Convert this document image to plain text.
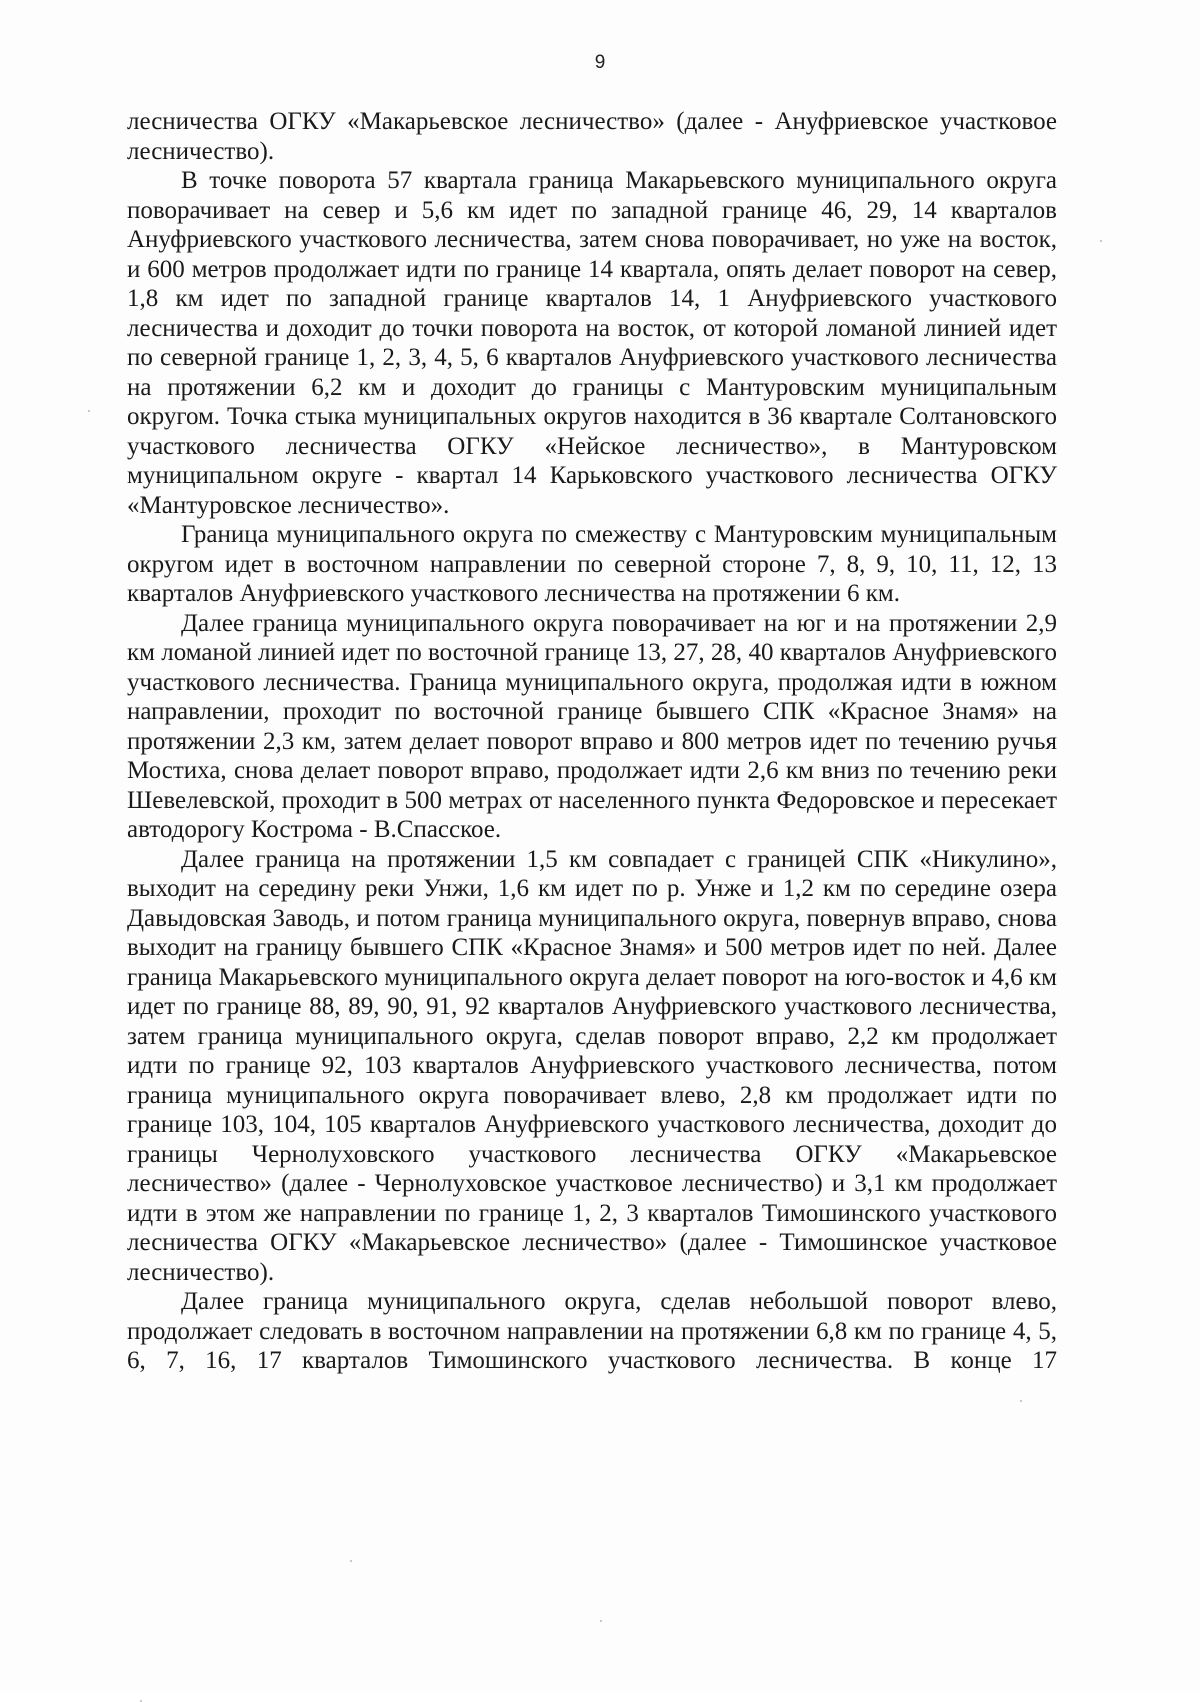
9

лесничества ОГКУ «Макарьевское лесничество» (далее - Ануфриевское участковое лесничество).

В точке поворота 57 квартала граница Макарьевского муниципального округа поворачивает на север и 5,6 км идет по западной границе 46, 29, 14 кварталов Ануфриевского участкового лесничества, затем снова поворачивает, но уже на восток, и 600 метров продолжает идти по границе 14 квартала, опять делает поворот на север, 1,8 км идет по западной границе кварталов 14, 1 Ануфриевского участкового лесничества и доходит до точки поворота на восток, от которой ломаной линией идет по северной границе 1, 2, 3, 4, 5, 6 кварталов Ануфриевского участкового лесничества на протяжении 6,2 км и доходит до границы с Мантуровским муниципальным округом. Точка стыка муниципальных округов находится в 36 квартале Солтановского участкового лесничества ОГКУ «Нейское лесничество», в Мантуровском муниципальном округе - квартал 14 Карьковского участкового лесничества ОГКУ «Мантуровское лесничество».

Граница муниципального округа по смежеству с Мантуровским муниципальным округом идет в восточном направлении по северной стороне 7, 8, 9, 10, 11, 12, 13 кварталов Ануфриевского участкового лесничества на протяжении 6 км.

Далее граница муниципального округа поворачивает на юг и на протяжении 2,9 км ломаной линией идет по восточной границе 13, 27, 28, 40 кварталов Ануфриевского участкового лесничества. Граница муниципального округа, продолжая идти в южном направлении, проходит по восточной границе бывшего СПК «Красное Знамя» на протяжении 2,3 км, затем делает поворот вправо и 800 метров идет по течению ручья Мостиха, снова делает поворот вправо, продолжает идти 2,6 км вниз по течению реки Шевелевской, проходит в 500 метрах от населенного пункта Федоровское и пересекает автодорогу Кострома - В.Спасское.

Далее граница на протяжении 1,5 км совпадает с границей СПК «Никулино», выходит на середину реки Унжи, 1,6 км идет по р. Унже и 1,2 км по середине озера Давыдовская Заводь, и потом граница муниципального округа, повернув вправо, снова выходит на границу бывшего СПК «Красное Знамя» и 500 метров идет по ней. Далее граница Макарьевского муниципального округа делает поворот на юго-восток и 4,6 км идет по границе 88, 89, 90, 91, 92 кварталов Ануфриевского участкового лесничества, затем граница муниципального округа, сделав поворот вправо, 2,2 км продолжает идти по границе 92, 103 кварталов Ануфриевского участкового лесничества, потом граница муниципального округа поворачивает влево, 2,8 км продолжает идти по границе 103, 104, 105 кварталов Ануфриевского участкового лесничества, доходит до границы Чернолуховского участкового лесничества ОГКУ «Макарьевское лесничество» (далее - Чернолуховское участковое лесничество) и 3,1 км продолжает идти в этом же направлении по границе 1, 2, 3 кварталов Тимошинского участкового лесничества ОГКУ «Макарьевское лесничество» (далее - Тимошинское участковое лесничество).

Далее граница муниципального округа, сделав небольшой поворот влево, продолжает следовать в восточном направлении на протяжении 6,8 км по границе 4, 5, 6, 7, 16, 17 кварталов Тимошинского участкового лесничества. В конце 17
